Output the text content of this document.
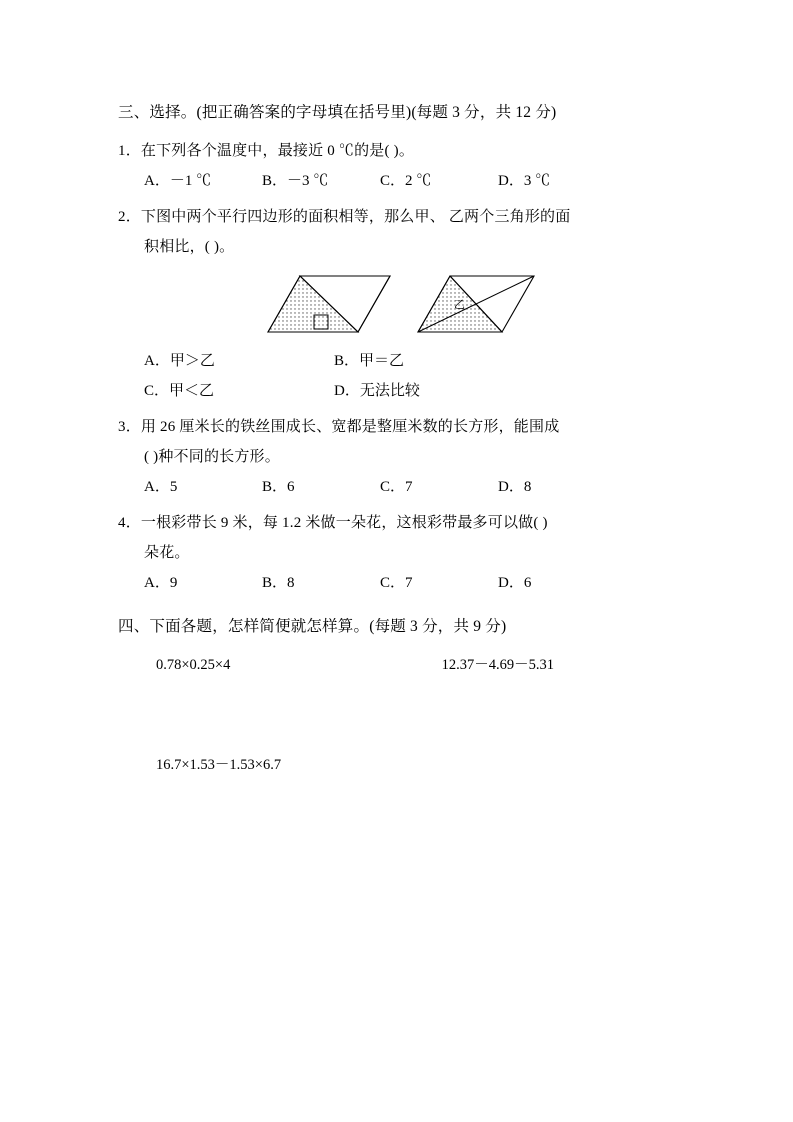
三、选择。(把正确答案的字母填在括号里)(每题 3 分，共 12 分)
1．在下列各个温度中，最接近 0 ℃的是( )。
A．－1 ℃	B．－3 ℃	C．2 ℃	D．3 ℃
2．下图中两个平行四边形的面积相等，那么甲、 乙两个三角形的面
积相比，( )。
乙
A．甲＞乙	B．甲＝乙
C．甲＜乙	D．无法比较
3．用 26 厘米长的铁丝围成长、宽都是整厘米数的长方形，能围成
( )种不同的长方形。
A．5	B．6	C．7	D．8
4．一根彩带长 9 米，每 1.2 米做一朵花，这根彩带最多可以做( )
朵花。
A．9	B．8	C．7	D．6
四、下面各题，怎样简便就怎样算。(每题 3 分，共 9 分)
0.78×0.25×4	12.37－4.69－5.31
16.7×1.53－1.53×6.7
